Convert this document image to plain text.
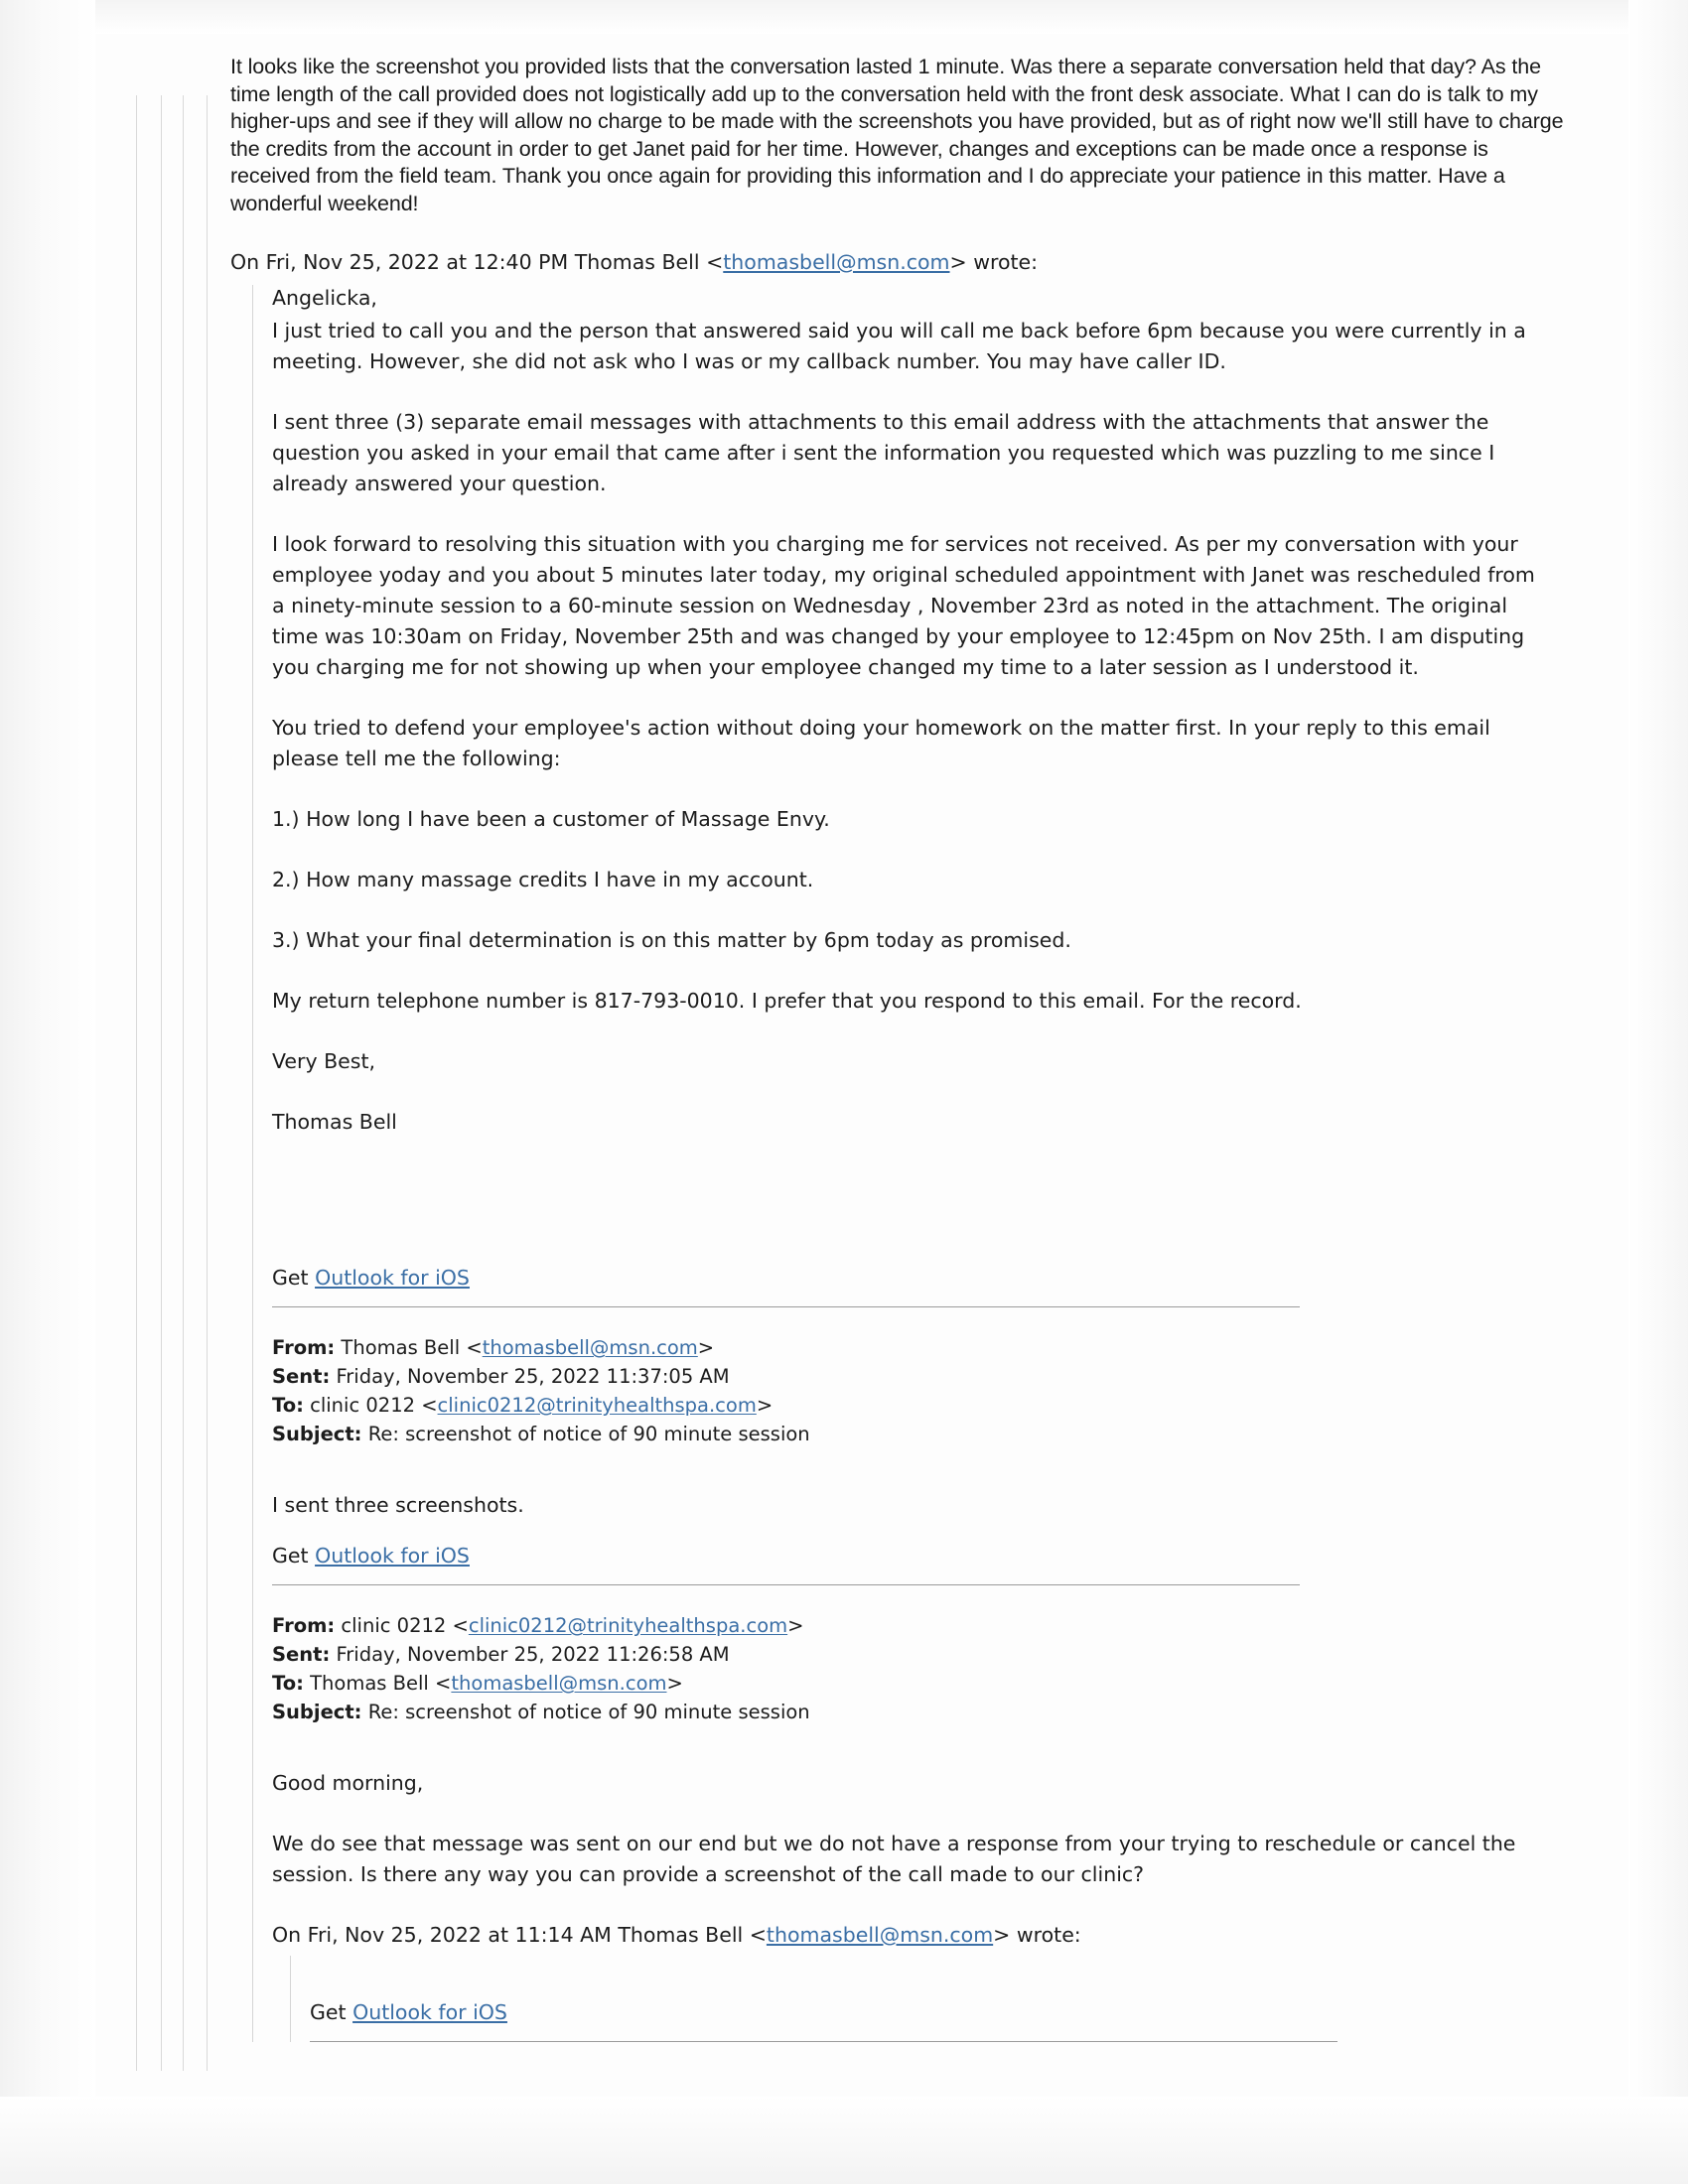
It looks like the screenshot you provided lists that the conversation lasted 1 minute. Was there a separate conversation held that day? As the time length of the call provided does not logistically add up to the conversation held with the front desk associate. What I can do is talk to my higher-ups and see if they will allow no charge to be made with the screenshots you have provided, but as of right now we'll still have to charge the credits from the account in order to get Janet paid for her time. However, changes and exceptions can be made once a response is received from the field team. Thank you once again for providing this information and I do appreciate your patience in this matter. Have a wonderful weekend!

On Fri, Nov 25, 2022 at 12:40 PM Thomas Bell <thomasbell@msn.com> wrote:

Angelicka,

I just tried to call you and the person that answered said you will call me back before 6pm because you were currently in a meeting. However, she did not ask who I was or my callback number. You may have caller ID.

I sent three (3) separate email messages with attachments to this email address with the attachments that answer the question you asked in your email that came after i sent the information you requested which was puzzling to me since I already answered your question.

I look forward to resolving this situation with you charging me for services not received. As per my conversation with your employee yoday and you about 5 minutes later today, my original scheduled appointment with Janet was rescheduled from a ninety-minute session to a 60-minute session on Wednesday , November 23rd as noted in the attachment. The original time was 10:30am on Friday, November 25th and was changed by your employee to 12:45pm on Nov 25th. I am disputing you charging me for not showing up when your employee changed my time to a later session as I understood it.

You tried to defend your employee's action without doing your homework on the matter first. In your reply to this email please tell me the following:

1.) How long I have been a customer of Massage Envy.

2.) How many massage credits I have in my account.

3.) What your final determination is on this matter by 6pm today as promised.

My return telephone number is 817-793-0010. I prefer that you respond to this email. For the record.

Very Best,

Thomas Bell

Get Outlook for iOS
From: Thomas Bell <thomasbell@msn.com>
Sent: Friday, November 25, 2022 11:37:05 AM
To: clinic 0212 <clinic0212@trinityhealthspa.com>
Subject: Re: screenshot of notice of 90 minute session

I sent three screenshots.

Get Outlook for iOS
From: clinic 0212 <clinic0212@trinityhealthspa.com>
Sent: Friday, November 25, 2022 11:26:58 AM
To: Thomas Bell <thomasbell@msn.com>
Subject: Re: screenshot of notice of 90 minute session

Good morning,

We do see that message was sent on our end but we do not have a response from your trying to reschedule or cancel the session. Is there any way you can provide a screenshot of the call made to our clinic?

On Fri, Nov 25, 2022 at 11:14 AM Thomas Bell <thomasbell@msn.com> wrote:
Get Outlook for iOS
